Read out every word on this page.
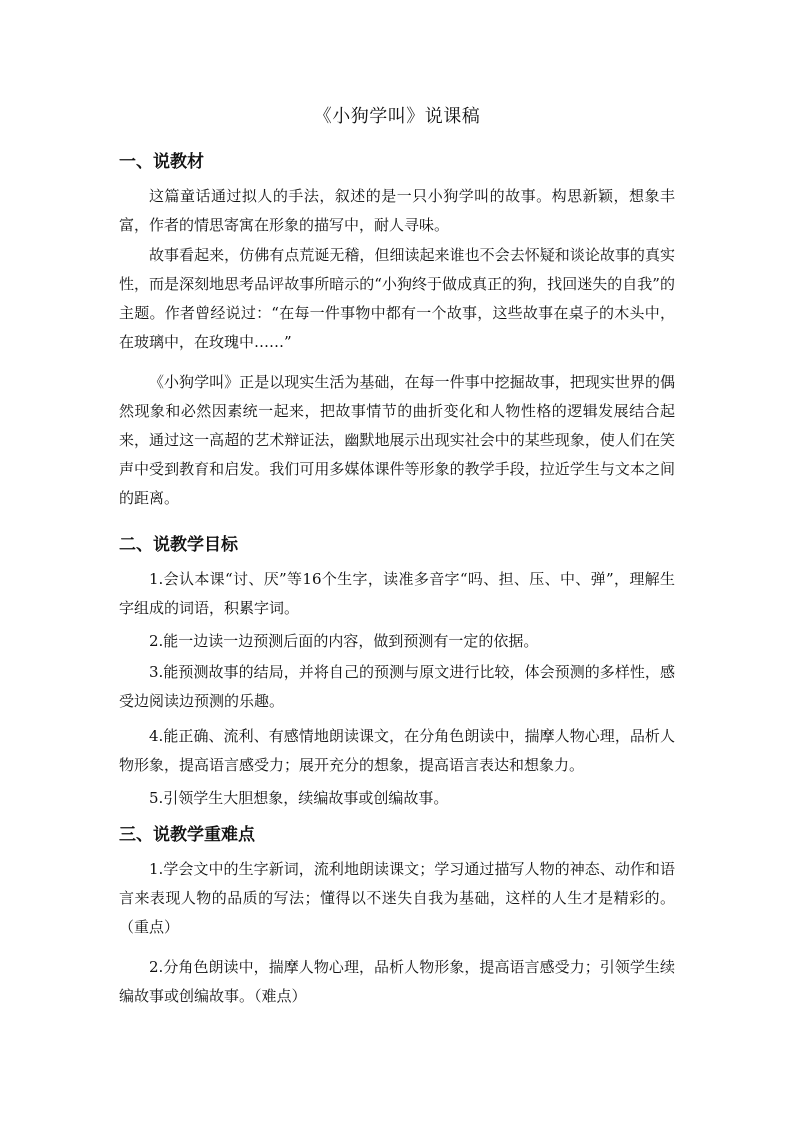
《小狗学叫》说课稿
一、说教材

这篇童话通过拟人的手法，叙述的是一只小狗学叫的故事。构思新颖，想象丰富，作者的情思寄寓在形象的描写中，耐人寻味。

故事看起来，仿佛有点荒诞无稽，但细读起来谁也不会去怀疑和谈论故事的真实性，而是深刻地思考品评故事所暗示的“小狗终于做成真正的狗，找回迷失的自我”的主题。作者曾经说过：“在每一件事物中都有一个故事，这些故事在桌子的木头中，在玻璃中，在玫瑰中……”

《小狗学叫》正是以现实生活为基础，在每一件事中挖掘故事，把现实世界的偶然现象和必然因素统一起来，把故事情节的曲折变化和人物性格的逻辑发展结合起来，通过这一高超的艺术辩证法，幽默地展示出现实社会中的某些现象，使人们在笑声中受到教育和启发。我们可用多媒体课件等形象的教学手段，拉近学生与文本之间的距离。

二、说教学目标

1.会认本课“讨、厌”等16个生字，读准多音字“吗、担、压、中、弹”，理解生字组成的词语，积累字词。

2.能一边读一边预测后面的内容，做到预测有一定的依据。

3.能预测故事的结局，并将自己的预测与原文进行比较，体会预测的多样性，感受边阅读边预测的乐趣。

4.能正确、流利、有感情地朗读课文，在分角色朗读中，揣摩人物心理，品析人物形象，提高语言感受力；展开充分的想象，提高语言表达和想象力。

5.引领学生大胆想象，续编故事或创编故事。

三、说教学重难点

1.学会文中的生字新词，流利地朗读课文；学习通过描写人物的神态、动作和语言来表现人物的品质的写法；懂得以不迷失自我为基础，这样的人生才是精彩的。（重点）

2.分角色朗读中，揣摩人物心理，品析人物形象，提高语言感受力；引领学生续编故事或创编故事。（难点）
